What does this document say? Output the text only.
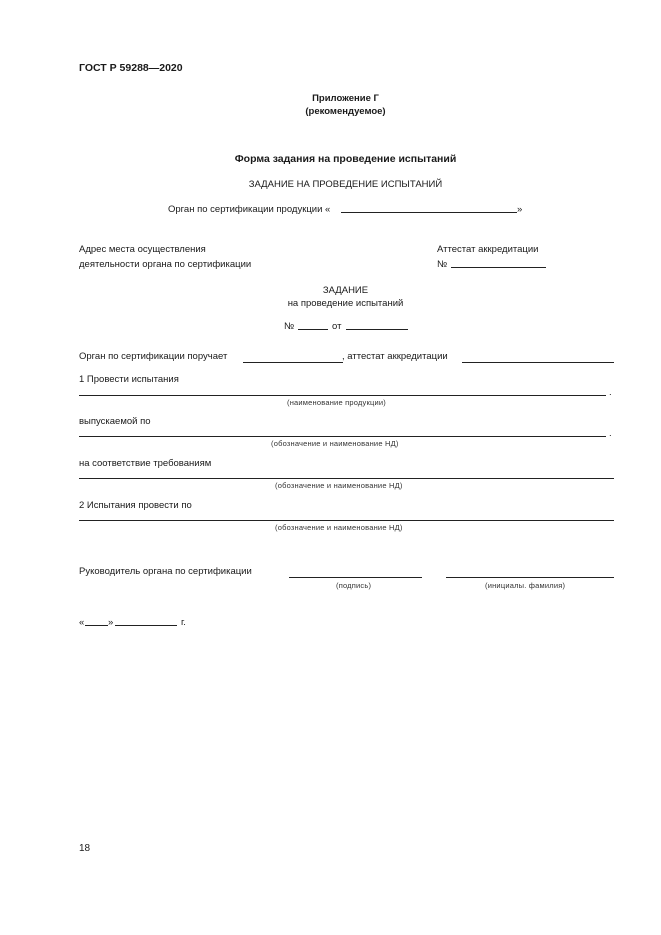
ГОСТ Р 59288—2020
Приложение Г
(рекомендуемое)
Форма задания на проведение испытаний
ЗАДАНИЕ НА ПРОВЕДЕНИЕ ИСПЫТАНИЙ
Орган по сертификации продукции «	»
Адрес места осуществления
деятельности органа по сертификации
Аттестат аккредитации
№
ЗАДАНИЕ
на проведение испытаний
№	от
Орган по сертификации поручает	, аттестат аккредитации
1 Провести испытания
.
(наименование продукции)
выпускаемой по
.
(обозначение и наименование НД)
на соответствие требованиям
(обозначение и наименование НД)
2 Испытания провести по
(обозначение и наименование НД)
Руководитель органа по сертификации
(подпись)	(инициалы. фамилия)
« »	г.
18
